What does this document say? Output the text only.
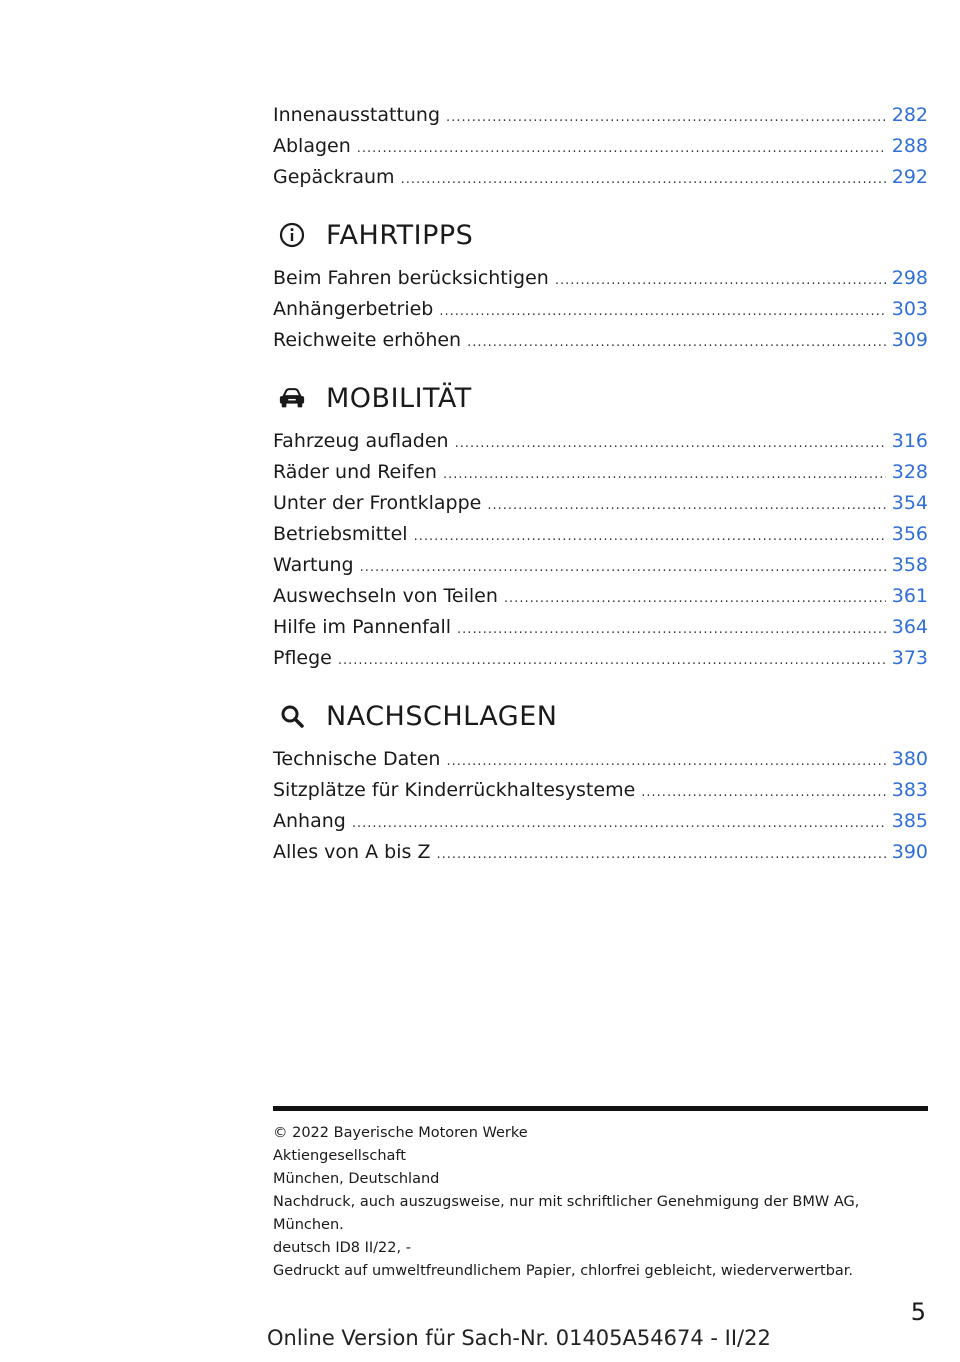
Innenausstattung .....	282
Ablagen .....	288
Gepäckraum .....	292
FAHRTIPPS
Beim Fahren berücksichtigen .....	298
Anhängerbetrieb .....	303
Reichweite erhöhen .....	309
MOBILITÄT
Fahrzeug aufladen .....	316
Räder und Reifen .....	328
Unter der Frontklappe .....	354
Betriebsmittel .....	356
Wartung .....	358
Auswechseln von Teilen .....	361
Hilfe im Pannenfall .....	364
Pflege .....	373
NACHSCHLAGEN
Technische Daten .....	380
Sitzplätze für Kinderrückhaltesysteme .....	383
Anhang .....	385
Alles von A bis Z .....	390
© 2022 Bayerische Motoren Werke
Aktiengesellschaft
München, Deutschland
Nachdruck, auch auszugsweise, nur mit schriftlicher Genehmigung der BMW AG,
München.
deutsch ID8 II/22, -
Gedruckt auf umweltfreundlichem Papier, chlorfrei gebleicht, wiederverwertbar.
5
Online Version für Sach-Nr. 01405A54674 - II/22
